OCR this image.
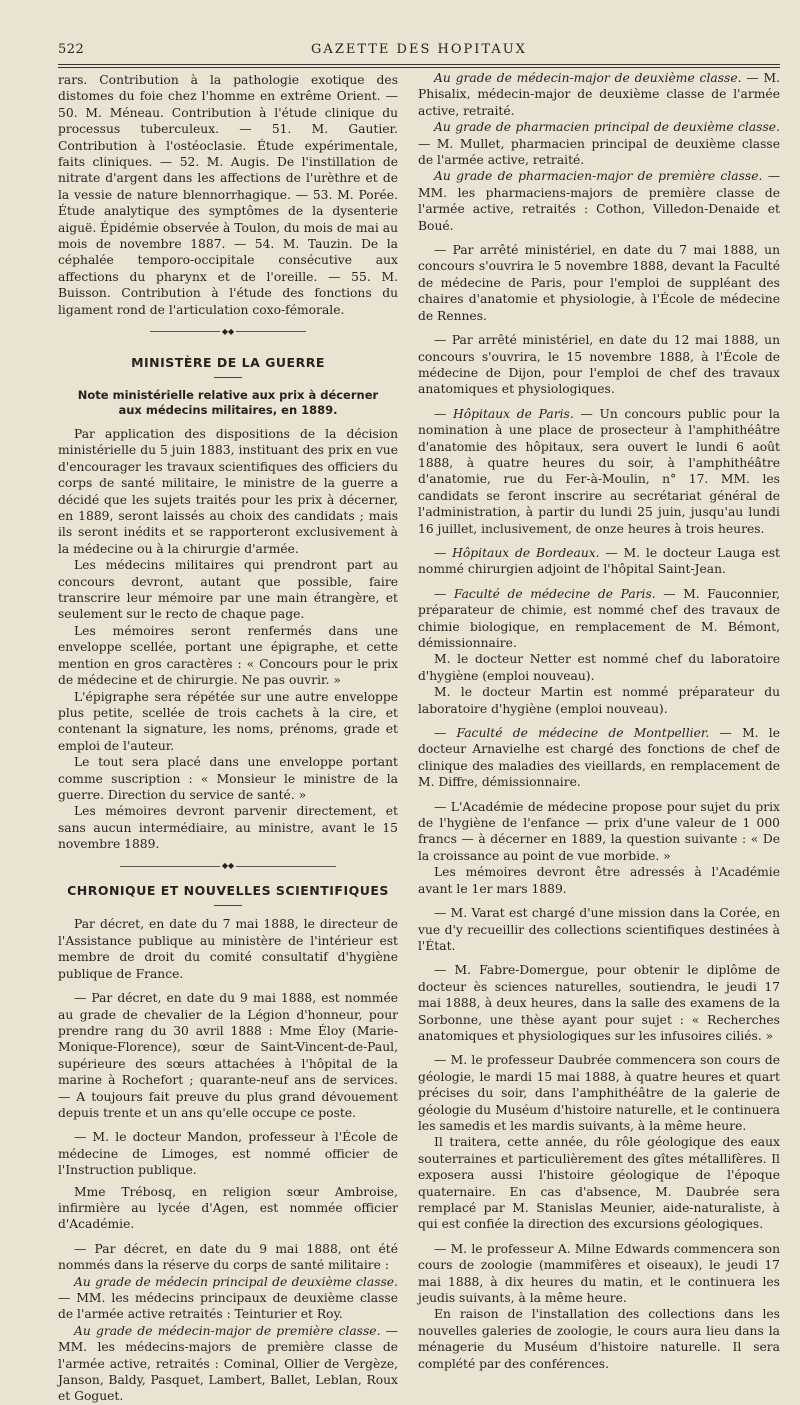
522	GAZETTE DES HOPITAUX

rars. Contribution à la pathologie exotique des distomes du foie chez l'homme en extrême Orient. — 50. M. Méneau. Contribution à l'étude clinique du processus tuberculeux. — 51. M. Gautier. Contribution à l'ostéoclasie. Étude expérimentale, faits cliniques. — 52. M. Augis. De l'instillation de nitrate d'argent dans les affections de l'urèthre et de la vessie de nature blennorrhagique. — 53. M. Porée. Étude analytique des symptômes de la dysenterie aiguë. Épidémie observée à Toulon, du mois de mai au mois de novembre 1887. — 54. M. Tauzin. De la céphalée temporo-occipitale consécutive aux affections du pharynx et de l'oreille. — 55. M. Buisson. Contribution à l'étude des fonctions du ligament rond de l'articulation coxo-fémorale.

◆◆
MINISTÈRE DE LA GUERRE
Note ministérielle relative aux prix à décerner aux médecins militaires, en 1889.

Par application des dispositions de la décision ministérielle du 5 juin 1883, instituant des prix en vue d'encourager les travaux scientifiques des officiers du corps de santé militaire, le ministre de la guerre a décidé que les sujets traités pour les prix à décerner, en 1889, seront laissés au choix des candidats ; mais ils seront inédits et se rapporteront exclusivement à la médecine ou à la chirurgie d'armée.

Les médecins militaires qui prendront part au concours devront, autant que possible, faire transcrire leur mémoire par une main étrangère, et seulement sur le recto de chaque page.

Les mémoires seront renfermés dans une enveloppe scellée, portant une épigraphe, et cette mention en gros caractères : « Concours pour le prix de médecine et de chirurgie. Ne pas ouvrir. »

L'épigraphe sera répétée sur une autre enveloppe plus petite, scellée de trois cachets à la cire, et contenant la signature, les noms, prénoms, grade et emploi de l'auteur.

Le tout sera placé dans une enveloppe portant comme suscription : « Monsieur le ministre de la guerre. Direction du service de santé. »

Les mémoires devront parvenir directement, et sans aucun intermédiaire, au ministre, avant le 15 novembre 1889.

◆◆
CHRONIQUE ET NOUVELLES SCIENTIFIQUES

Par décret, en date du 7 mai 1888, le directeur de l'Assistance publique au ministère de l'intérieur est membre de droit du comité consultatif d'hygiène publique de France.

— Par décret, en date du 9 mai 1888, est nommée au grade de chevalier de la Légion d'honneur, pour prendre rang du 30 avril 1888 : Mme Éloy (Marie-Monique-Florence), sœur de Saint-Vincent-de-Paul, supérieure des sœurs attachées à l'hôpital de la marine à Rochefort ; quarante-neuf ans de services. — A toujours fait preuve du plus grand dévouement depuis trente et un ans qu'elle occupe ce poste.

— M. le docteur Mandon, professeur à l'École de médecine de Limoges, est nommé officier de l'Instruction publique.

Mme Trébosq, en religion sœur Ambroise, infirmière au lycée d'Agen, est nommée officier d'Académie.

— Par décret, en date du 9 mai 1888, ont été nommés dans la réserve du corps de santé militaire :

Au grade de médecin principal de deuxième classe. — MM. les médecins principaux de deuxième classe de l'armée active retraités : Teinturier et Roy.

Au grade de médecin-major de première classe. — MM. les médecins-majors de première classe de l'armée active, retraités : Cominal, Ollier de Vergèze, Janson, Baldy, Pasquet, Lambert, Ballet, Leblan, Roux et Goguet.

Au grade de médecin-major de deuxième classe. — M. Phisalix, médecin-major de deuxième classe de l'armée active, retraité.

Au grade de pharmacien principal de deuxième classe. — M. Mullet, pharmacien principal de deuxième classe de l'armée active, retraité.

Au grade de pharmacien-major de première classe. — MM. les pharmaciens-majors de première classe de l'armée active, retraités : Cothon, Villedon-Denaide et Boué.

— Par arrêté ministériel, en date du 7 mai 1888, un concours s'ouvrira le 5 novembre 1888, devant la Faculté de médecine de Paris, pour l'emploi de suppléant des chaires d'anatomie et physiologie, à l'École de médecine de Rennes.

— Par arrêté ministériel, en date du 12 mai 1888, un concours s'ouvrira, le 15 novembre 1888, à l'École de médecine de Dijon, pour l'emploi de chef des travaux anatomiques et physiologiques.

— Hôpitaux de Paris. — Un concours public pour la nomination à une place de prosecteur à l'amphithéâtre d'anatomie des hôpitaux, sera ouvert le lundi 6 août 1888, à quatre heures du soir, à l'amphithéâtre d'anatomie, rue du Fer-à-Moulin, n° 17. MM. les candidats se feront inscrire au secrétariat général de l'administration, à partir du lundi 25 juin, jusqu'au lundi 16 juillet, inclusivement, de onze heures à trois heures.

— Hôpitaux de Bordeaux. — M. le docteur Lauga est nommé chirurgien adjoint de l'hôpital Saint-Jean.

— Faculté de médecine de Paris. — M. Fauconnier, préparateur de chimie, est nommé chef des travaux de chimie biologique, en remplacement de M. Bémont, démissionnaire.

M. le docteur Netter est nommé chef du laboratoire d'hygiène (emploi nouveau).

M. le docteur Martin est nommé préparateur du laboratoire d'hygiène (emploi nouveau).

— Faculté de médecine de Montpellier. — M. le docteur Arnavielhe est chargé des fonctions de chef de clinique des maladies des vieillards, en remplacement de M. Diffre, démissionnaire.

— L'Académie de médecine propose pour sujet du prix de l'hygiène de l'enfance — prix d'une valeur de 1 000 francs — à décerner en 1889, la question suivante : « De la croissance au point de vue morbide. »

Les mémoires devront être adressés à l'Académie avant le 1er mars 1889.

— M. Varat est chargé d'une mission dans la Corée, en vue d'y recueillir des collections scientifiques destinées à l'État.

— M. Fabre-Domergue, pour obtenir le diplôme de docteur ès sciences naturelles, soutiendra, le jeudi 17 mai 1888, à deux heures, dans la salle des examens de la Sorbonne, une thèse ayant pour sujet : « Recherches anatomiques et physiologiques sur les infusoires ciliés. »

— M. le professeur Daubrée commencera son cours de géologie, le mardi 15 mai 1888, à quatre heures et quart précises du soir, dans l'amphithéâtre de la galerie de géologie du Muséum d'histoire naturelle, et le continuera les samedis et les mardis suivants, à la même heure.

Il traitera, cette année, du rôle géologique des eaux souterraines et particulièrement des gîtes métallifères. Il exposera aussi l'histoire géologique de l'époque quaternaire. En cas d'absence, M. Daubrée sera remplacé par M. Stanislas Meunier, aide-naturaliste, à qui est confiée la direction des excursions géologiques.

— M. le professeur A. Milne Edwards commencera son cours de zoologie (mammifères et oiseaux), le jeudi 17 mai 1888, à dix heures du matin, et le continuera les jeudis suivants, à la même heure.

En raison de l'installation des collections dans les nouvelles galeries de zoologie, le cours aura lieu dans la ménagerie du Muséum d'histoire naturelle. Il sera complété par des conférences.
